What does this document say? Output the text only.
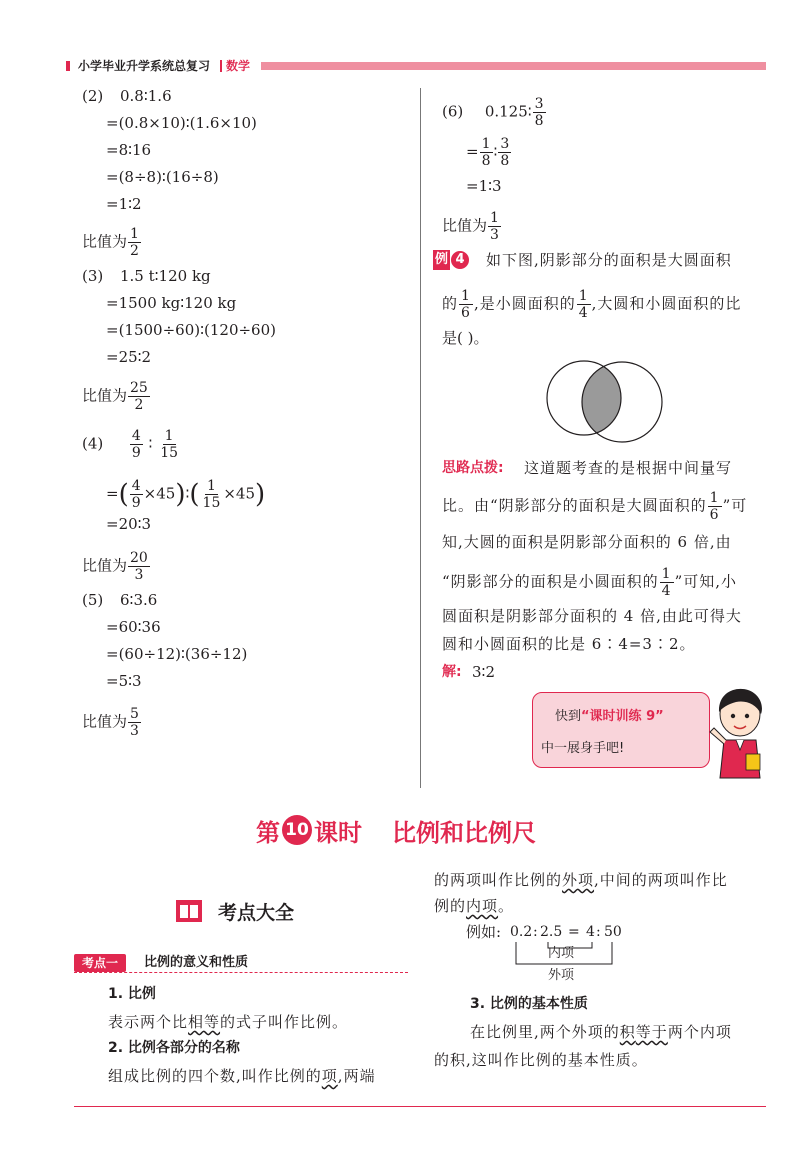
小学毕业升学系统总复习 数学
(2) 0.8∶1.6
=(0.8×10)∶(1.6×10)
=8∶16
=(8÷8)∶(16÷8)
=1∶2
比值为 $\frac{1}{2}$
(3) 1.5 t∶120 kg
=1500 kg∶120 kg
=(1500÷60)∶(120÷60)
=25∶2
比值为 $\frac{25}{2}$
$(4) \frac{4}{9}$ ∶ $\frac{1}{15}$
=( $\frac{4}{9}$ ×45)∶( $\frac{1}{15} \times 45$)
=20∶3
比值为 $\frac{20}{3}$
(5) 6∶3.6
=60∶36
=(60÷12)∶(36÷12)
=5∶3
比值为 $\frac{5}{3}$
(6) 0.125∶ $\frac{3}{8}$
= $\frac{1}{8}$ ∶ $\frac{3}{8}$
=1∶3
比值为 $\frac{1}{3}$
例 4	如下图,阴影部分的面积是大圆面积
的 $\frac{1}{6}$ ,是小圆面积的 $\frac{1}{4}$ ,大圆和小圆面积的比
是( )。
思路点拨: 这道题考查的是根据中间量写
比。由“阴影部分的面积是大圆面积的 $\frac{1}{6}$ ”可
知,大圆的面积是阴影部分面积的 6 倍,由
“阴影部分的面积是小圆面积的 $\frac{1}{4}$ ”可知,小
圆面积是阴影部分面积的 4 倍,由此可得大
圆和小圆面积的比是 6∶4=3∶2。
解: 3∶2
快到“课时训练 9”
中一展身手吧!
第 10 课时 比例和比例尺
考点大全
考点一	比例的意义和性质
1. 比例
表示两个比相等的式子叫作比例。
2. 比例各部分的名称
组成比例的四个数,叫作比例的项,两端
的两项叫作比例的外项,中间的两项叫作比
例的内项。
例如: 0.2 : 2.5 = 4 : 50
内项
外项
3. 比例的基本性质
在比例里,两个外项的积等于两个内项
的积,这叫作比例的基本性质。
